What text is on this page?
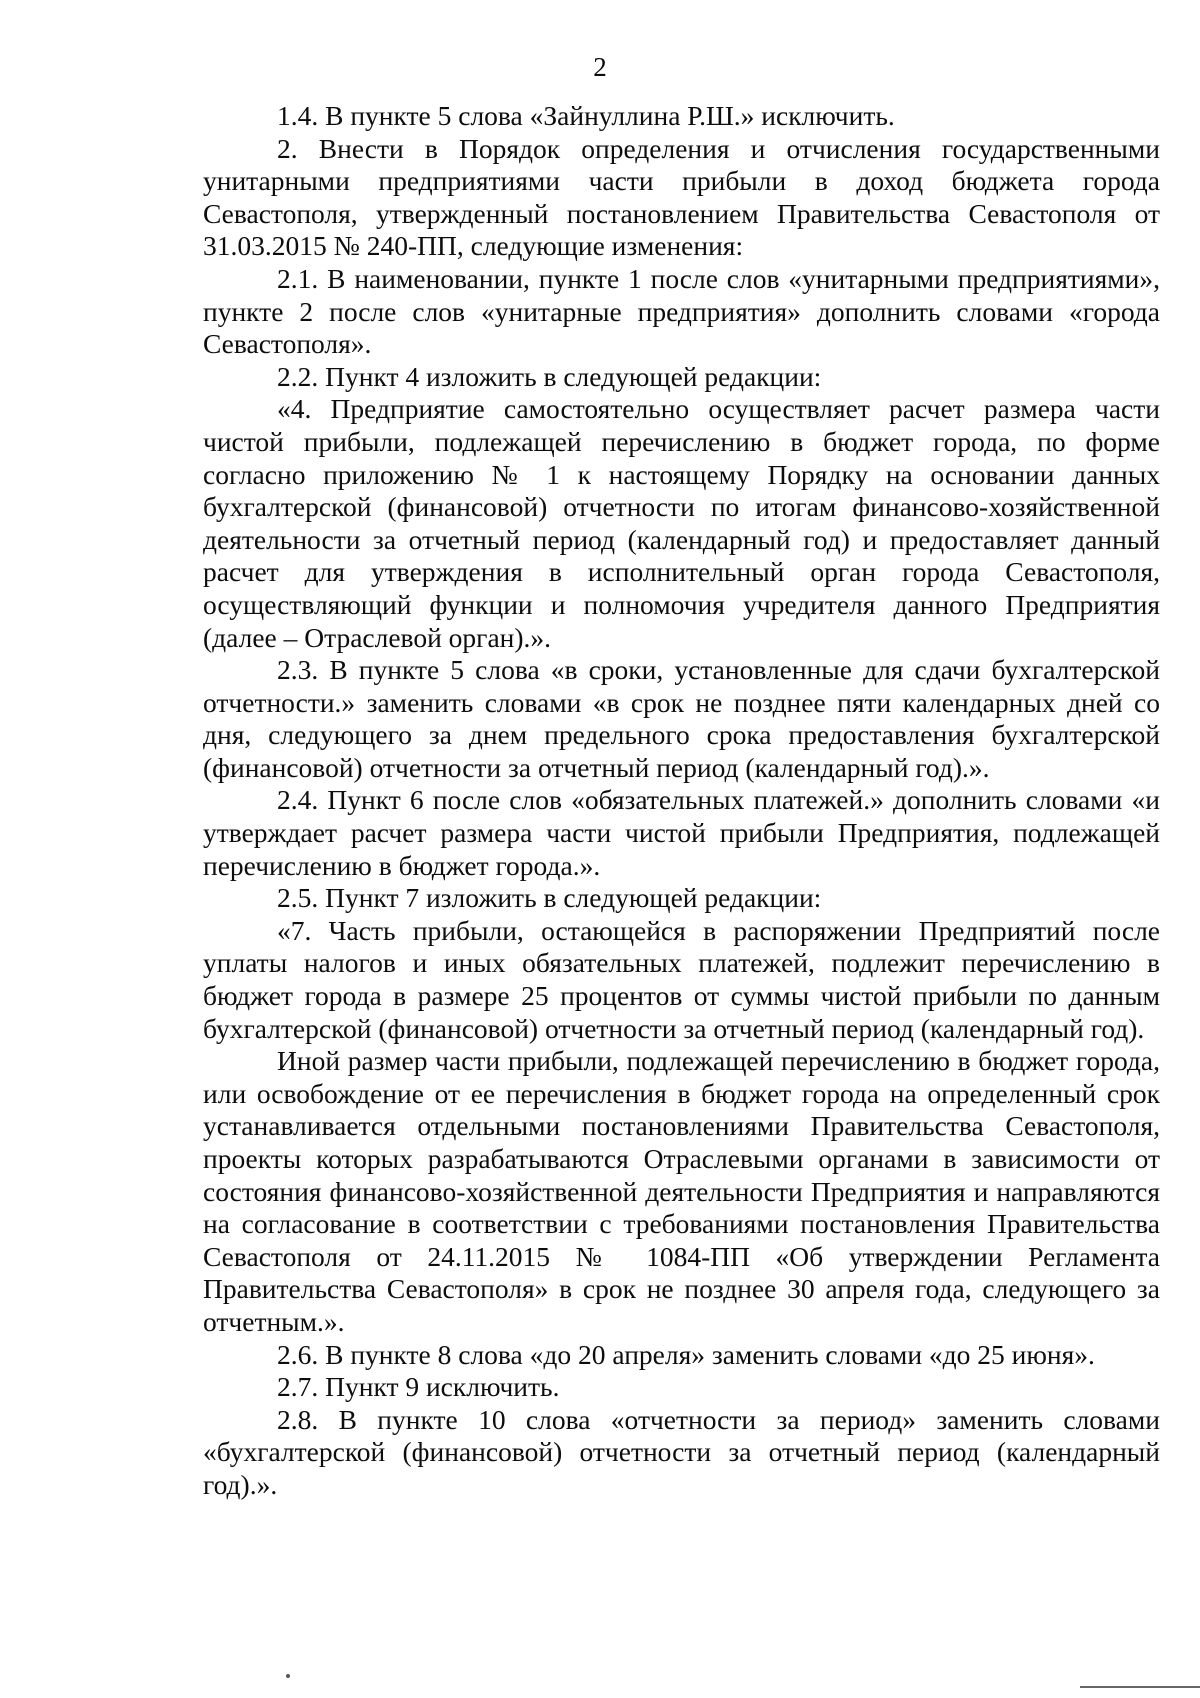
2

1.4. В пункте 5 слова «Зайнуллина Р.Ш.» исключить.

2. Внести в Порядок определения и отчисления государственными унитарными предприятиями части прибыли в доход бюджета города Севастополя, утвержденный постановлением Правительства Севастополя от 31.03.2015 № 240-ПП, следующие изменения:

2.1. В наименовании, пункте 1 после слов «унитарными предприятиями», пункте 2 после слов «унитарные предприятия» дополнить словами «города Севастополя».

2.2. Пункт 4 изложить в следующей редакции:

«4. Предприятие самостоятельно осуществляет расчет размера части чистой прибыли, подлежащей перечислению в бюджет города, по форме согласно приложению № 1 к настоящему Порядку на основании данных бухгалтерской (финансовой) отчетности по итогам финансово-хозяйственной деятельности за отчетный период (календарный год) и предоставляет данный расчет для утверждения в исполнительный орган города Севастополя, осуществляющий функции и полномочия учредителя данного Предприятия (далее – Отраслевой орган).».

2.3. В пункте 5 слова «в сроки, установленные для сдачи бухгалтерской отчетности.» заменить словами «в срок не позднее пяти календарных дней со дня, следующего за днем предельного срока предоставления бухгалтерской (финансовой) отчетности за отчетный период (календарный год).».

2.4. Пункт 6 после слов «обязательных платежей.» дополнить словами «и утверждает расчет размера части чистой прибыли Предприятия, подлежащей перечислению в бюджет города.».

2.5. Пункт 7 изложить в следующей редакции:

«7. Часть прибыли, остающейся в распоряжении Предприятий после уплаты налогов и иных обязательных платежей, подлежит перечислению в бюджет города в размере 25 процентов от суммы чистой прибыли по данным бухгалтерской (финансовой) отчетности за отчетный период (календарный год).

Иной размер части прибыли, подлежащей перечислению в бюджет города, или освобождение от ее перечисления в бюджет города на определенный срок устанавливается отдельными постановлениями Правительства Севастополя, проекты которых разрабатываются Отраслевыми органами в зависимости от состояния финансово-хозяйственной деятельности Предприятия и направляются на согласование в соответствии с требованиями постановления Правительства Севастополя от 24.11.2015 № 1084-ПП «Об утверждении Регламента Правительства Севастополя» в срок не позднее 30 апреля года, следующего за отчетным.».

2.6. В пункте 8 слова «до 20 апреля» заменить словами «до 25 июня».

2.7. Пункт 9 исключить.

2.8. В пункте 10 слова «отчетности за период» заменить словами «бухгалтерской (финансовой) отчетности за отчетный период (календарный год).».
